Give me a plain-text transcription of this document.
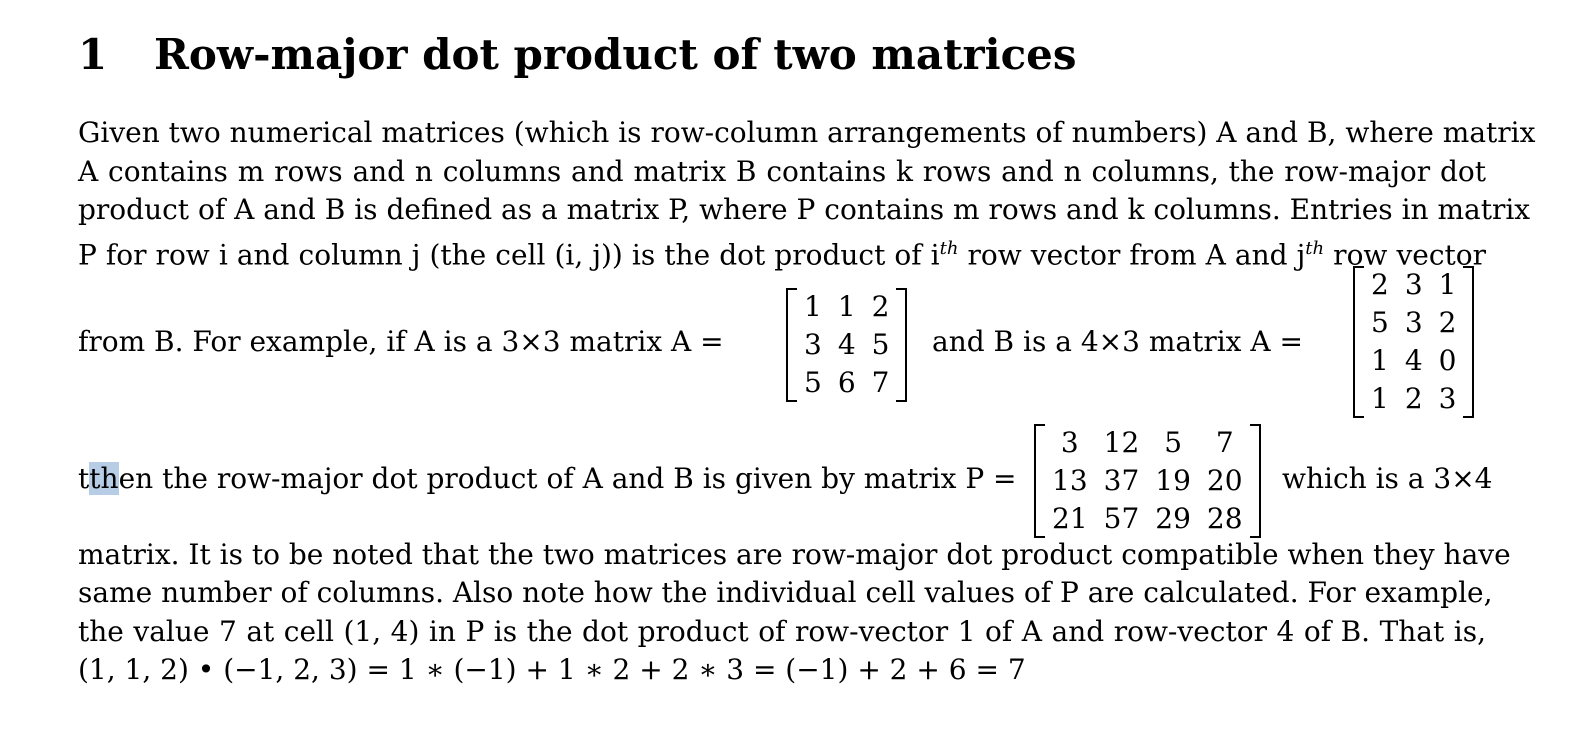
1 Row-major dot product of two matrices
Given two numerical matrices (which is row-column arrangements of numbers) A and B, where matrix
A contains m rows and n columns and matrix B contains k rows and n columns, the row-major dot
product of A and B is defined as a matrix P, where P contains m rows and k columns. Entries in matrix
P for row i and column j (the cell (i, j)) is the dot product of $i^{th}$ row vector from A and $j^{th}$ row vector
from B. For example, if A is a 3×3 matrix A =	and B is a 4×3 matrix A =
1	1	2
3	4	5
5	6	7
2	3	1
5	3	2
1	4	0
1	2	3
tthen the row-major dot product of A and B is given by matrix P =	which is a 3×4
3	12	5	7
13	37	19	20
21	57	29	28
matrix. It is to be noted that the two matrices are row-major dot product compatible when they have
same number of columns. Also note how the individual cell values of P are calculated. For example,
the value 7 at cell (1, 4) in P is the dot product of row-vector 1 of A and row-vector 4 of B. That is,
(1, 1, 2) • (−1, 2, 3) = 1 ∗ (−1) + 1 ∗ 2 + 2 ∗ 3 = (−1) + 2 + 6 = 7
